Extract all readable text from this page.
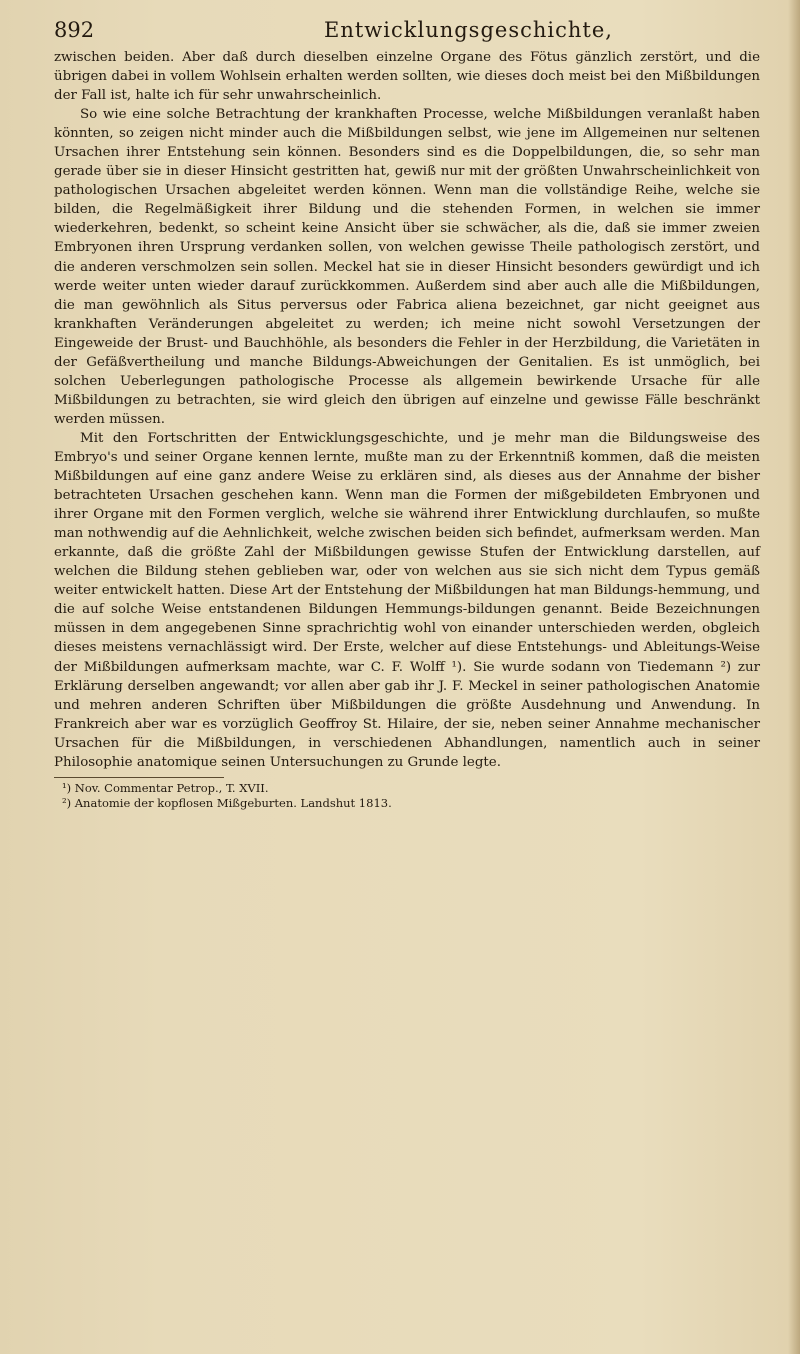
892	Entwicklungsgeschichte,

zwischen beiden. Aber daß durch dieselben einzelne Organe des Fötus gänzlich zerstört, und die übrigen dabei in vollem Wohlsein erhalten werden sollten, wie dieses doch meist bei den Mißbildungen der Fall ist, halte ich für sehr unwahrscheinlich.

So wie eine solche Betrachtung der krankhaften Processe, welche Mißbildungen veranlaßt haben könnten, so zeigen nicht minder auch die Mißbildungen selbst, wie jene im Allgemeinen nur seltenen Ursachen ihrer Entstehung sein können. Besonders sind es die Doppelbildungen, die, so sehr man gerade über sie in dieser Hinsicht gestritten hat, gewiß nur mit der größten Unwahrscheinlichkeit von pathologischen Ursachen abgeleitet werden können. Wenn man die vollständige Reihe, welche sie bilden, die Regelmäßigkeit ihrer Bildung und die stehenden Formen, in welchen sie immer wiederkehren, bedenkt, so scheint keine Ansicht über sie schwächer, als die, daß sie immer zweien Embryonen ihren Ursprung verdanken sollen, von welchen gewisse Theile pathologisch zerstört, und die anderen verschmolzen sein sollen. Meckel hat sie in dieser Hinsicht besonders gewürdigt und ich werde weiter unten wieder darauf zurückkommen. Außerdem sind aber auch alle die Mißbildungen, die man gewöhnlich als Situs perversus oder Fabrica aliena bezeichnet, gar nicht geeignet aus krankhaften Veränderungen abgeleitet zu werden; ich meine nicht sowohl Versetzungen der Eingeweide der Brust- und Bauchhöhle, als besonders die Fehler in der Herzbildung, die Varietäten in der Gefäßvertheilung und manche Bildungs-Abweichungen der Genitalien. Es ist unmöglich, bei solchen Ueberlegungen pathologische Processe als allgemein bewirkende Ursache für alle Mißbildungen zu betrachten, sie wird gleich den übrigen auf einzelne und gewisse Fälle beschränkt werden müssen.

Mit den Fortschritten der Entwicklungsgeschichte, und je mehr man die Bildungsweise des Embryo's und seiner Organe kennen lernte, mußte man zu der Erkenntniß kommen, daß die meisten Mißbildungen auf eine ganz andere Weise zu erklären sind, als dieses aus der Annahme der bisher betrachteten Ursachen geschehen kann. Wenn man die Formen der mißgebildeten Embryonen und ihrer Organe mit den Formen verglich, welche sie während ihrer Entwicklung durchlaufen, so mußte man nothwendig auf die Aehnlichkeit, welche zwischen beiden sich befindet, aufmerksam werden. Man erkannte, daß die größte Zahl der Mißbildungen gewisse Stufen der Entwicklung darstellen, auf welchen die Bildung stehen geblieben war, oder von welchen aus sie sich nicht dem Typus gemäß weiter entwickelt hatten. Diese Art der Entstehung der Mißbildungen hat man Bildungs-hemmung, und die auf solche Weise entstandenen Bildungen Hemmungs-bildungen genannt. Beide Bezeichnungen müssen in dem angegebenen Sinne sprachrichtig wohl von einander unterschieden werden, obgleich dieses meistens vernachlässigt wird. Der Erste, welcher auf diese Entstehungs- und Ableitungs-Weise der Mißbildungen aufmerksam machte, war C. F. Wolff ¹). Sie wurde sodann von Tiedemann ²) zur Erklärung derselben angewandt; vor allen aber gab ihr J. F. Meckel in seiner pathologischen Anatomie und mehren anderen Schriften über Mißbildungen die größte Ausdehnung und Anwendung. In Frankreich aber war es vorzüglich Geoffroy St. Hilaire, der sie, neben seiner Annahme mechanischer Ursachen für die Mißbildungen, in verschiedenen Abhandlungen, namentlich auch in seiner Philosophie anatomique seinen Untersuchungen zu Grunde legte.

¹) Nov. Commentar Petrop., T. XVII.
²) Anatomie der kopflosen Mißgeburten. Landshut 1813.
